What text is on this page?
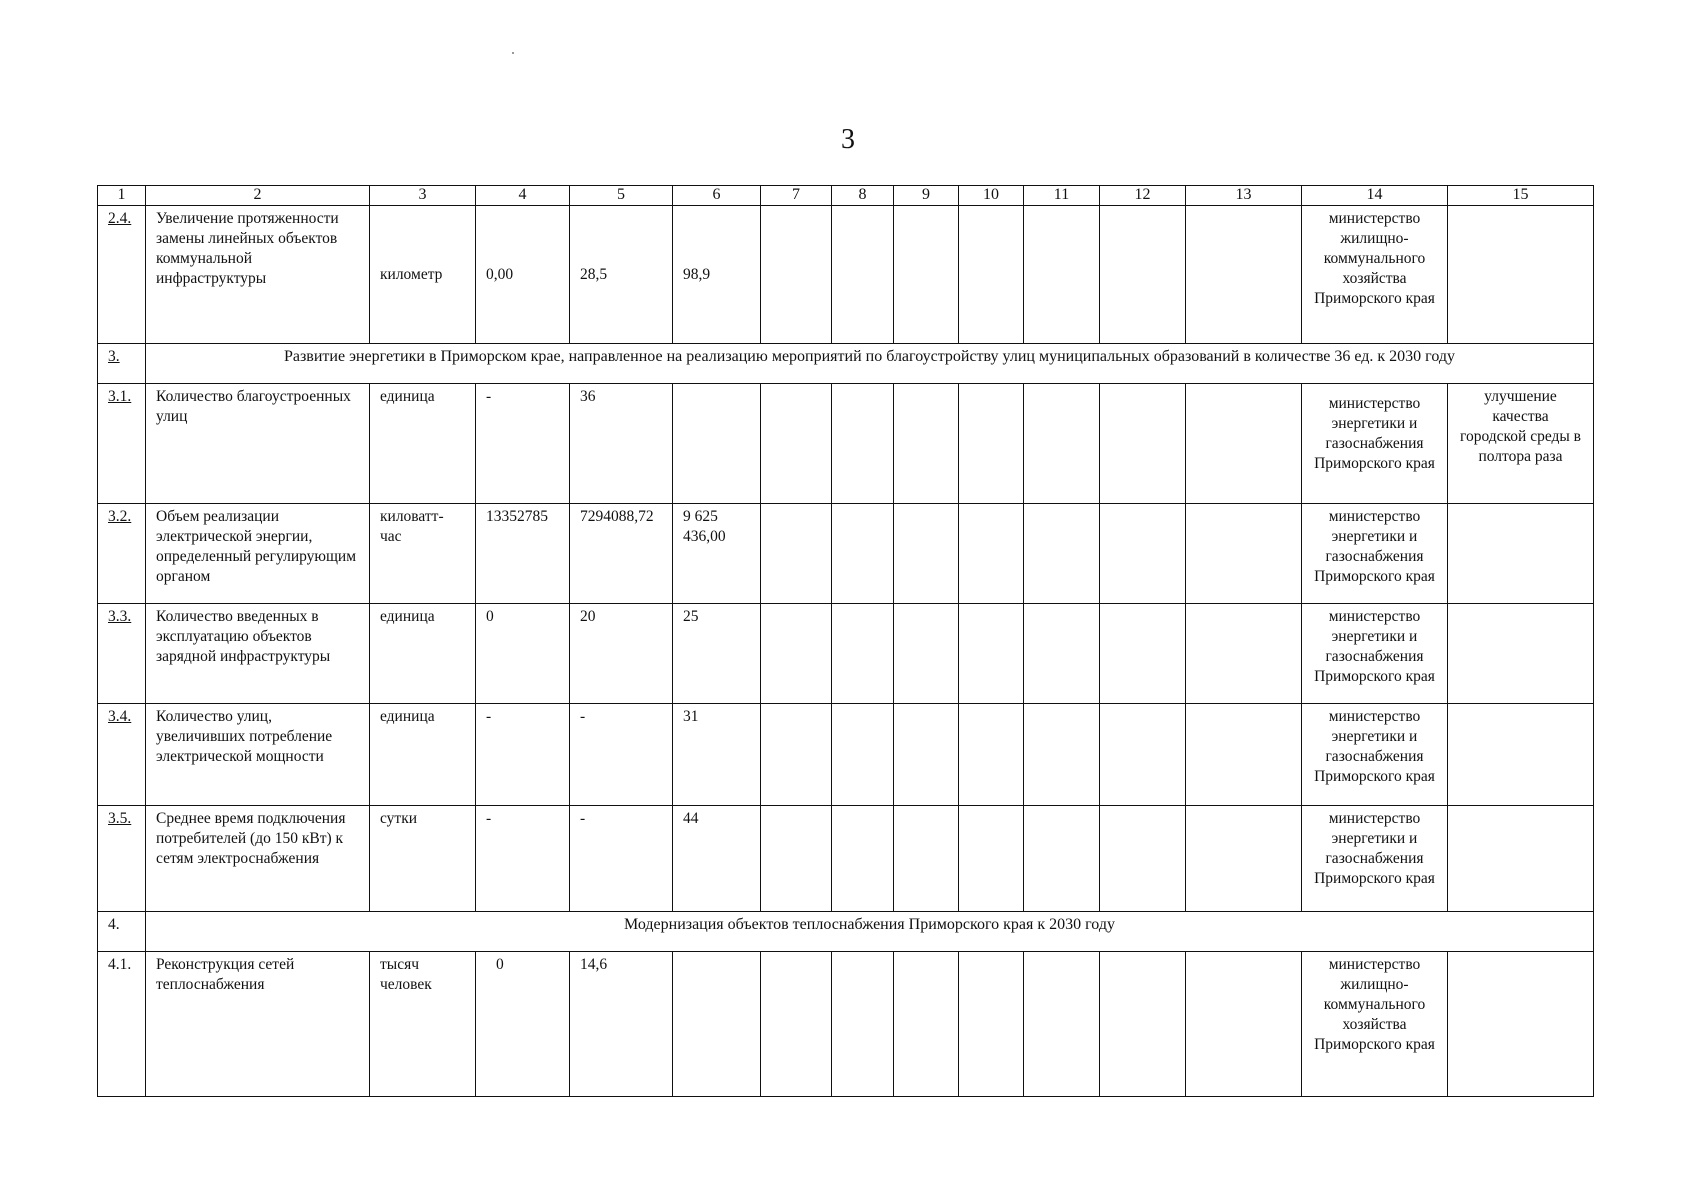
3
1	2	3	4	5	6	7	8	9	10	11	12	13	14	15
2.4.	Увеличение протяженности замены линейных объектов коммунальной инфраструктуры	километр	0,00	28,5	98,9								министерство жилищно-коммунального хозяйства Приморского края	
3.	Развитие энергетики в Приморском крае, направленное на реализацию мероприятий по благоустройству улиц муниципальных образований в количестве 36 ед. к 2030 году													
3.1.	Количество благоустроенных улиц	единица	-	36									министерство энергетики и газоснабжения Приморского края	улучшение качества городской среды в полтора раза
3.2.	Объем реализации электрической энергии, определенный регулирующим органом	киловатт-час	13352785	7294088,72	9 625 436,00								министерство энергетики и газоснабжения Приморского края	
3.3.	Количество введенных в эксплуатацию объектов зарядной инфраструктуры	единица	0	20	25								министерство энергетики и газоснабжения Приморского края	
3.4.	Количество улиц, увеличивших потребление электрической мощности	единица	-	-	31								министерство энергетики и газоснабжения Приморского края	
3.5.	Среднее время подключения потребителей (до 150 кВт) к сетям электроснабжения	сутки	-	-	44								министерство энергетики и газоснабжения Приморского края	
4.	Модернизация объектов теплоснабжения Приморского края к 2030 году													
4.1.	Реконструкция сетей теплоснабжения	тысяч человек	0	14,6									министерство жилищно-коммунального хозяйства Приморского края	
